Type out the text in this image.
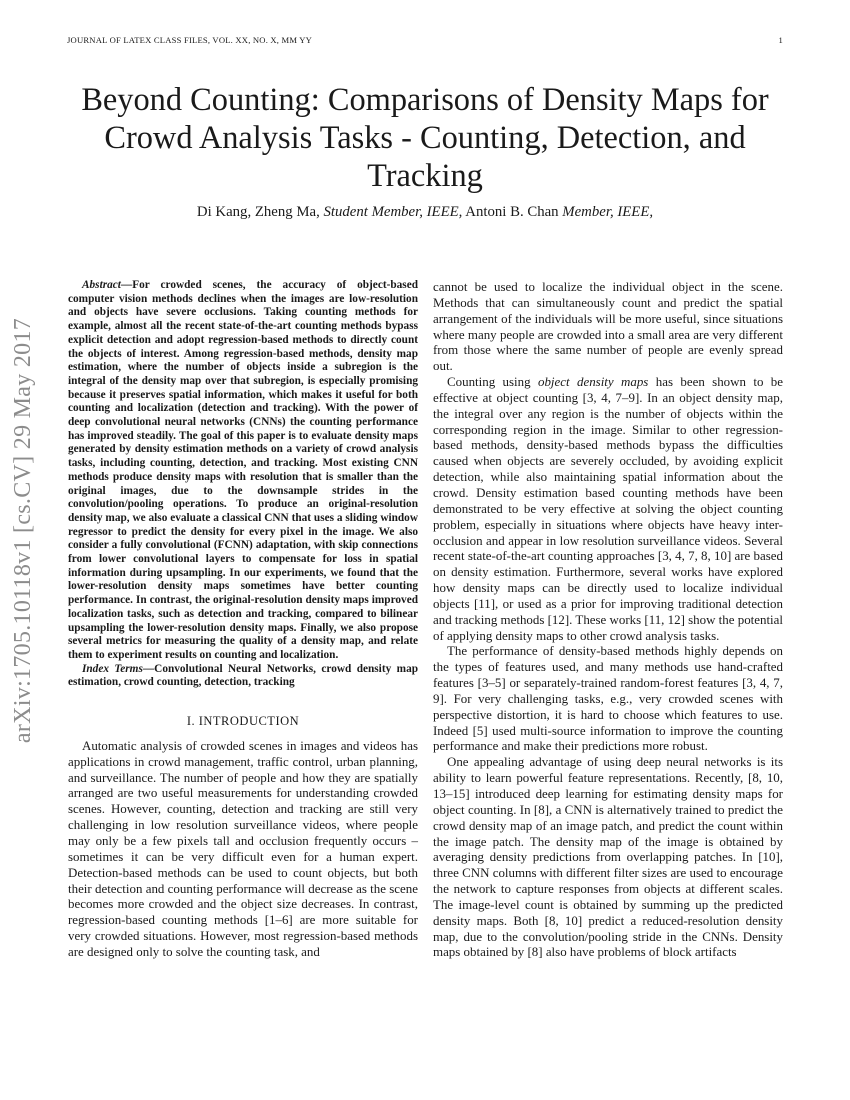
JOURNAL OF LATEX CLASS FILES, VOL. XX, NO. X, MM YY	1
arXiv:1705.10118v1 [cs.CV] 29 May 2017
Beyond Counting: Comparisons of Density Maps for Crowd Analysis Tasks - Counting, Detection, and Tracking
Di Kang, Zheng Ma, Student Member, IEEE, Antoni B. Chan Member, IEEE,

Abstract—For crowded scenes, the accuracy of object-based computer vision methods declines when the images are low-resolution and objects have severe occlusions. Taking counting methods for example, almost all the recent state-of-the-art counting methods bypass explicit detection and adopt regression-based methods to directly count the objects of interest. Among regression-based methods, density map estimation, where the number of objects inside a subregion is the integral of the density map over that subregion, is especially promising because it preserves spatial information, which makes it useful for both counting and localization (detection and tracking). With the power of deep convolutional neural networks (CNNs) the counting performance has improved steadily. The goal of this paper is to evaluate density maps generated by density estimation methods on a variety of crowd analysis tasks, including counting, detection, and tracking. Most existing CNN methods produce density maps with resolution that is smaller than the original images, due to the downsample strides in the convolution/pooling operations. To produce an original-resolution density map, we also evaluate a classical CNN that uses a sliding window regressor to predict the density for every pixel in the image. We also consider a fully convolutional (FCNN) adaptation, with skip connections from lower convolutional layers to compensate for loss in spatial information during upsampling. In our experiments, we found that the lower-resolution density maps sometimes have better counting performance. In contrast, the original-resolution density maps improved localization tasks, such as detection and tracking, compared to bilinear upsampling the lower-resolution density maps. Finally, we also propose several metrics for measuring the quality of a density map, and relate them to experiment results on counting and localization.

Index Terms—Convolutional Neural Networks, crowd density map estimation, crowd counting, detection, tracking

I. INTRODUCTION

Automatic analysis of crowded scenes in images and videos has applications in crowd management, traffic control, urban planning, and surveillance. The number of people and how they are spatially arranged are two useful measurements for understanding crowded scenes. However, counting, detection and tracking are still very challenging in low resolution surveillance videos, where people may only be a few pixels tall and occlusion frequently occurs – sometimes it can be very difficult even for a human expert. Detection-based methods can be used to count objects, but both their detection and counting performance will decrease as the scene becomes more crowded and the object size decreases. In contrast, regression-based counting methods [1–6] are more suitable for very crowded situations. However, most regression-based methods are designed only to solve the counting task, and

cannot be used to localize the individual object in the scene. Methods that can simultaneously count and predict the spatial arrangement of the individuals will be more useful, since situations where many people are crowded into a small area are very different from those where the same number of people are evenly spread out.

Counting using object density maps has been shown to be effective at object counting [3, 4, 7–9]. In an object density map, the integral over any region is the number of objects within the corresponding region in the image. Similar to other regression-based methods, density-based methods bypass the difficulties caused when objects are severely occluded, by avoiding explicit detection, while also maintaining spatial information about the crowd. Density estimation based counting methods have been demonstrated to be very effective at solving the object counting problem, especially in situations where objects have heavy inter-occlusion and appear in low resolution surveillance videos. Several recent state-of-the-art counting approaches [3, 4, 7, 8, 10] are based on density estimation. Furthermore, several works have explored how density maps can be directly used to localize individual objects [11], or used as a prior for improving traditional detection and tracking methods [12]. These works [11, 12] show the potential of applying density maps to other crowd analysis tasks.

The performance of density-based methods highly depends on the types of features used, and many methods use hand-crafted features [3–5] or separately-trained random-forest features [3, 4, 7, 9]. For very challenging tasks, e.g., very crowded scenes with perspective distortion, it is hard to choose which features to use. Indeed [5] used multi-source information to improve the counting performance and make their predictions more robust.

One appealing advantage of using deep neural networks is its ability to learn powerful feature representations. Recently, [8, 10, 13–15] introduced deep learning for estimating density maps for object counting. In [8], a CNN is alternatively trained to predict the crowd density map of an image patch, and predict the count within the image patch. The density map of the image is obtained by averaging density predictions from overlapping patches. In [10], three CNN columns with different filter sizes are used to encourage the network to capture responses from objects at different scales. The image-level count is obtained by summing up the predicted density maps. Both [8, 10] predict a reduced-resolution density map, due to the convolution/pooling stride in the CNNs. Density maps obtained by [8] also have problems of block artifacts
